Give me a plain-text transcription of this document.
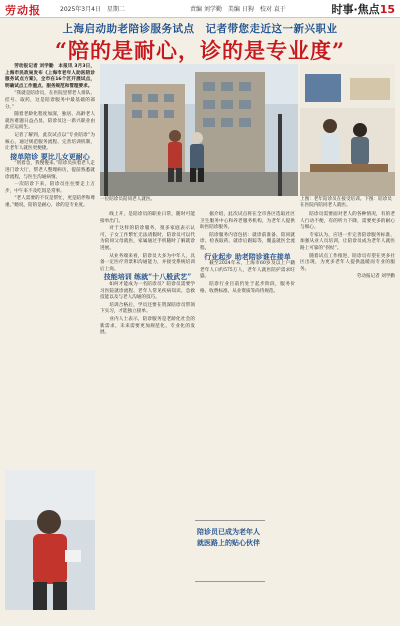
劳动报	2025年3月4日　星期二	责编 刘学勤　美编 日狗　校对 袁于	时事·焦点15
上海启动助老陪诊服务试点　记者带您走近这一新兴职业
“陪的是耐心，诊的是专业度”

劳动报记者 刘学勤　本报讯 3月3日，上海市民政局发布《上海市老年人助医陪诊服务试点方案》，全市在16个区开展试点，明确试点工作重点、服务规范和管理要求。

“我就是陪诊员，在医院里帮老人排队、挂号、取药，这是陪诊服务中最基础的部分。”

随着老龄化程度加深，独居、高龄老人就医难题日益凸显，陪诊员这一新兴职业由此应运而生。

记者了解到，此次试点以“专业陪诊”为核心，通过规范服务流程、完善培训机制，让老年人就医更便捷。

接单陪诊 要比儿女更耐心

“别着急，我慢慢来。”陪诊员扶着老人走进门诊大厅，帮老人整理病历，提前熟悉就诊流程，与医生沟通病情。

一次陪诊下来，陪诊员往往要走上万步，中午来不及吃饭是常事。

“老人需要的不仅是帮忙，更是陪伴和尊重。”她说，陪的是耐心，诊的是专业度。

一位陪诊员陪同老人就医。	上图：老年陪诊员在接受培训。下图：陪诊员在医院内陪同老人就医。

线上开，是陪诊员的职业日常，随时可能接单出门。

对于这样的陪诊服务，很多家庭表示认可，子女工作繁忙无法请假时，陪诊员可以代为陪同父母就医，家属通过手机随时了解就诊进展。

从业务端来看，陪诊员大多为中年人，具备一定医疗背景和沟通能力，并接受系统培训后上岗。

技能培训 练就“十八般武艺”

如何才能成为一名陪诊员？陪诊员需要学习医院就诊流程、老年人常见疾病知识、急救技能以及与老人沟通的技巧。

培训合格后，学员还要在资深陪诊员带领下实习，才能独立接单。

业内人士表示，陪诊服务是老龄化社会的新需求，未来需要更加规范化、专业化的发展。

据介绍，此次试点将在全市各区选取社区卫生服务中心和养老服务机构，为老年人提供助医陪诊服务。

陪诊服务内容包括：就诊前准备、陪同就诊、检查取药、就诊后跟踪等，覆盖就医全流程。

行业起步 助老陪诊谁在接单

截至2024年末，上海市60岁及以上户籍老年人口约575万人，老年人就医陪护需求旺盛。

陪诊行业目前仍处于起步阶段，服务价格、收费标准、从业资质等尚待规范。

陪诊员需要面对老人的各种情况，有的老人行动不便，有的听力下降，需要更多的耐心与细心。

专家认为，应进一步完善陪诊服务标准，加强从业人员培训，让陪诊员成为老年人就医路上可靠的“拐杖”。

随着试点工作推进，陪诊员有望在更多社区出现，为更多老年人提供温暖而专业的服务。

劳动报记者 刘学勤

陪诊员已成为老年人就医路上的贴心伙伴
